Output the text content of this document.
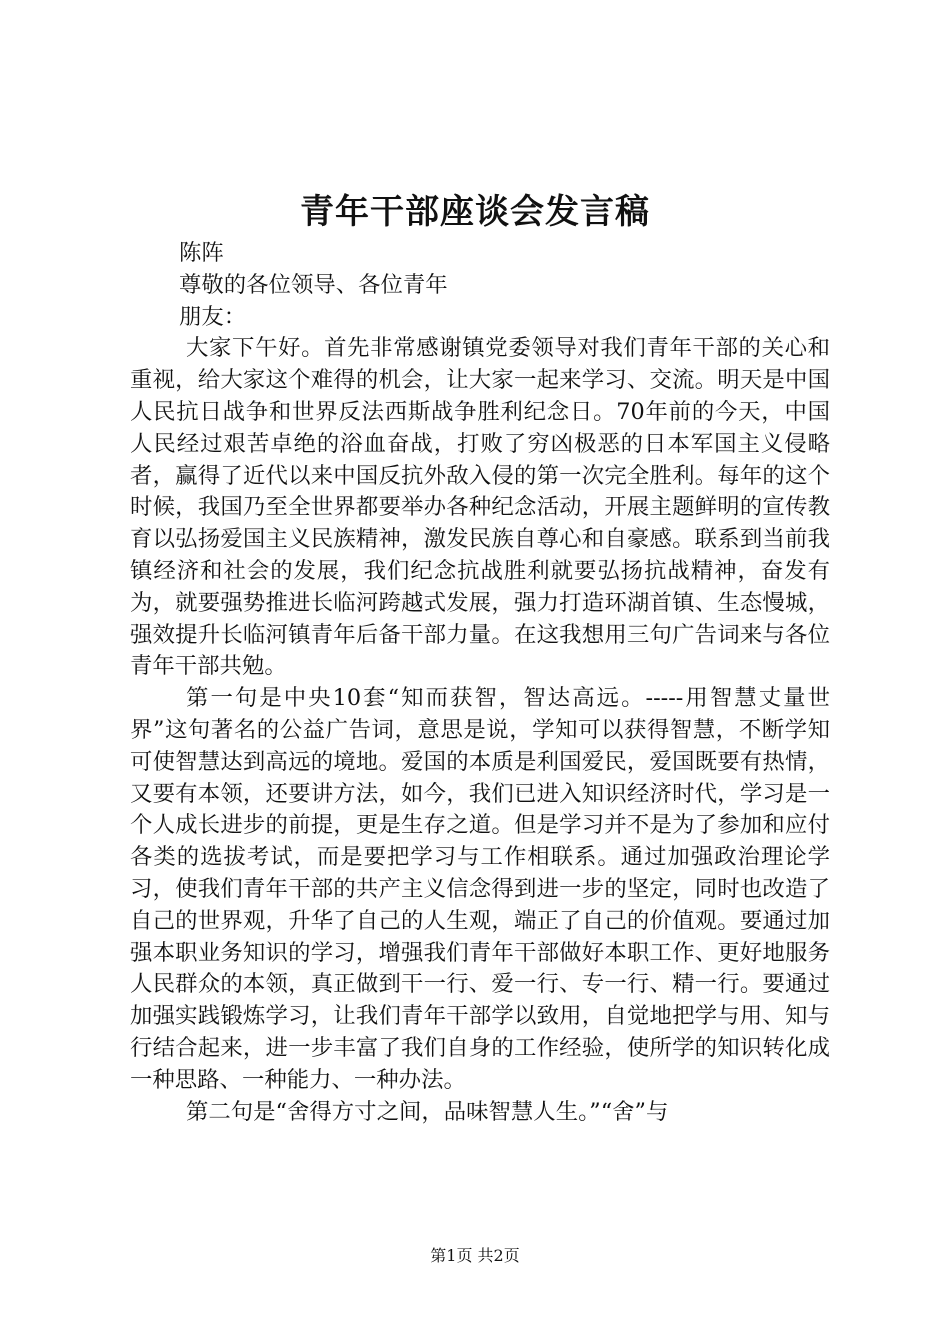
青年干部座谈会发言稿
陈阵
尊敬的各位领导、各位青年
朋友：

大家下午好。首先非常感谢镇党委领导对我们青年干部的关心和重视，给大家这个难得的机会，让大家一起来学习、交流。明天是中国人民抗日战争和世界反法西斯战争胜利纪念日。70年前的今天，中国人民经过艰苦卓绝的浴血奋战，打败了穷凶极恶的日本军国主义侵略者，赢得了近代以来中国反抗外敌入侵的第一次完全胜利。每年的这个时候，我国乃至全世界都要举办各种纪念活动，开展主题鲜明的宣传教育以弘扬爱国主义民族精神，激发民族自尊心和自豪感。联系到当前我镇经济和社会的发展，我们纪念抗战胜利就要弘扬抗战精神，奋发有为，就要强势推进长临河跨越式发展，强力打造环湖首镇、生态慢城，强效提升长临河镇青年后备干部力量。在这我想用三句广告词来与各位青年干部共勉。

第一句是中央10套“知而获智，智达高远。-----用智慧丈量世界”这句著名的公益广告词，意思是说，学知可以获得智慧，不断学知可使智慧达到高远的境地。爱国的本质是利国爱民，爱国既要有热情，又要有本领，还要讲方法，如今，我们已进入知识经济时代，学习是一个人成长进步的前提，更是生存之道。但是学习并不是为了参加和应付各类的选拔考试，而是要把学习与工作相联系。通过加强政治理论学习，使我们青年干部的共产主义信念得到进一步的坚定，同时也改造了自己的世界观，升华了自己的人生观，端正了自己的价值观。要通过加强本职业务知识的学习，增强我们青年干部做好本职工作、更好地服务人民群众的本领，真正做到干一行、爱一行、专一行、精一行。要通过加强实践锻炼学习，让我们青年干部学以致用，自觉地把学与用、知与行结合起来，进一步丰富了我们自身的工作经验，使所学的知识转化成一种思路、一种能力、一种办法。

第二句是“舍得方寸之间，品味智慧人生。”“舍”与

第1页 共2页
